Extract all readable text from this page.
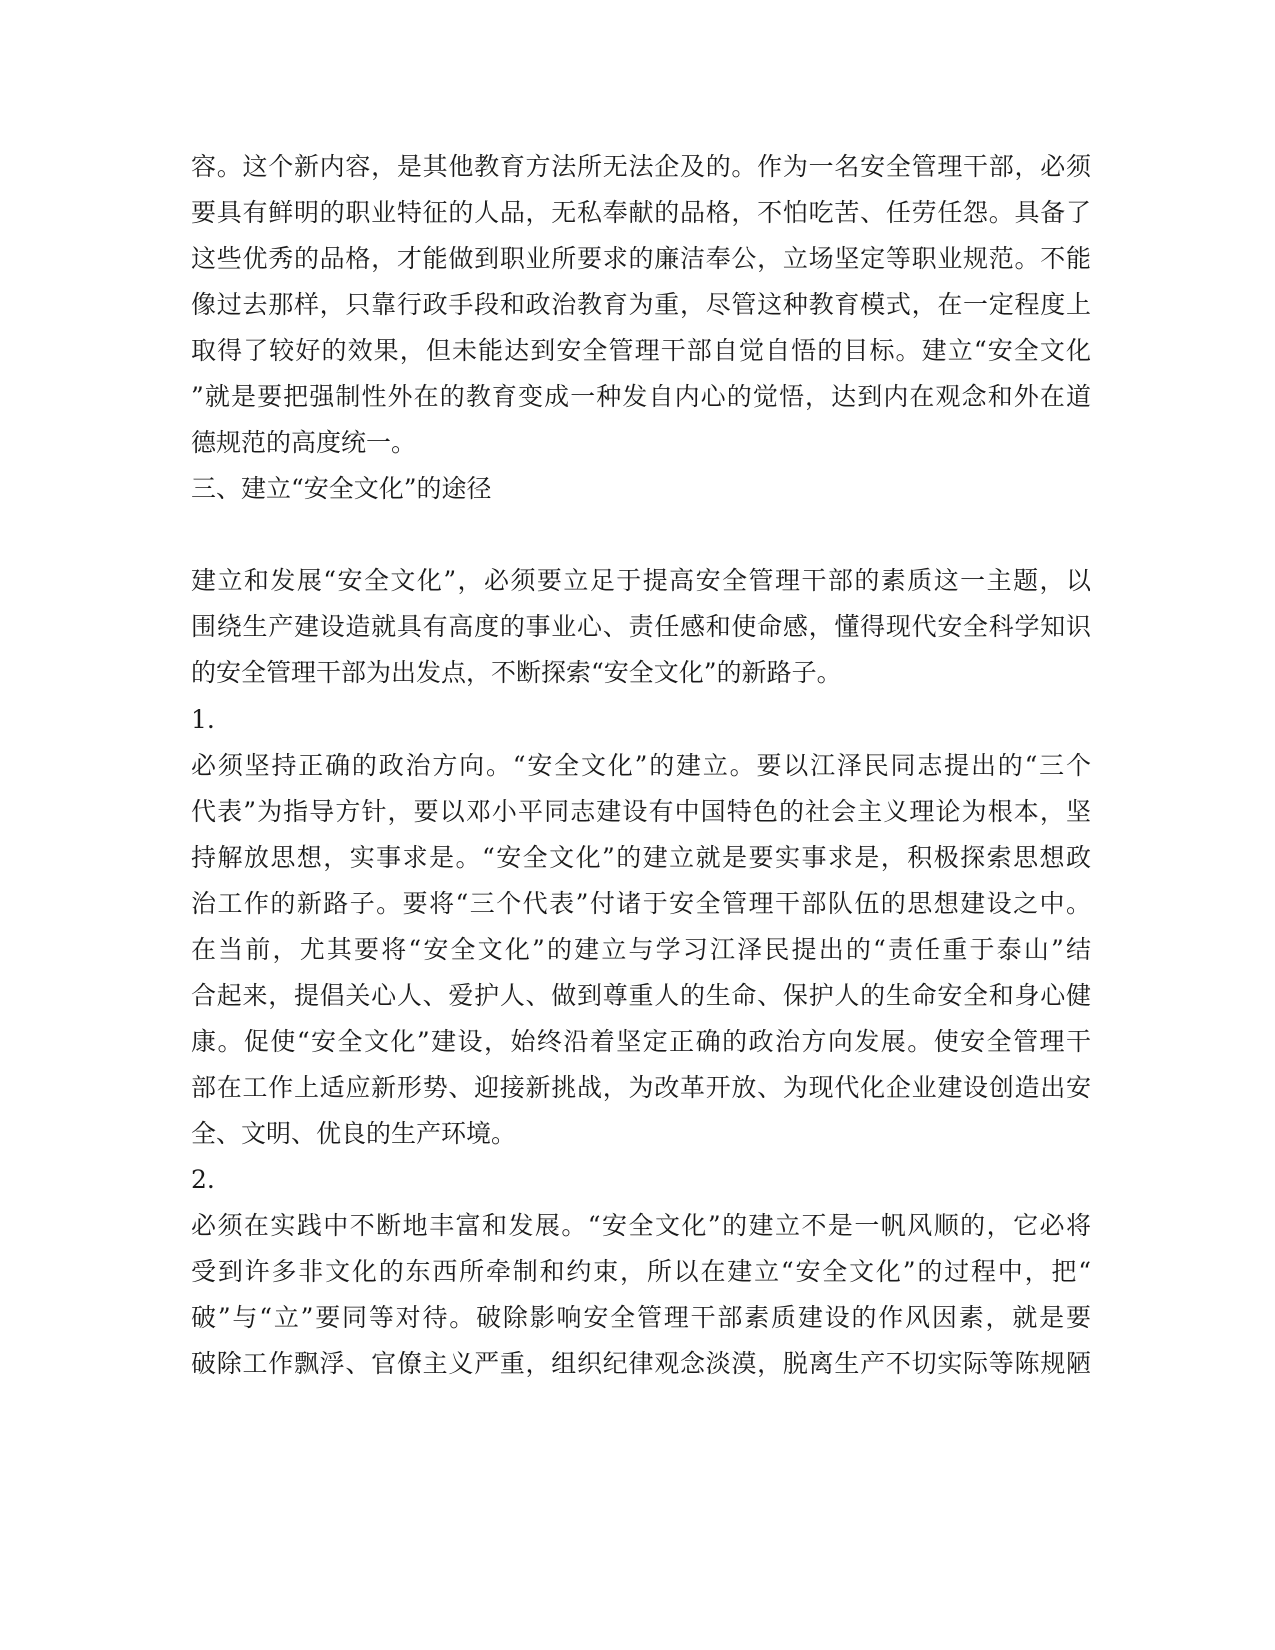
容。这个新内容，是其他教育方法所无法企及的。作为一名安全管理干部，必须
要具有鲜明的职业特征的人品，无私奉献的品格，不怕吃苦、任劳任怨。具备了
这些优秀的品格，才能做到职业所要求的廉洁奉公，立场坚定等职业规范。不能
像过去那样，只靠行政手段和政治教育为重，尽管这种教育模式，在一定程度上
取得了较好的效果，但未能达到安全管理干部自觉自悟的目标。建立“安全文化
”就是要把强制性外在的教育变成一种发自内心的觉悟，达到内在观念和外在道
德规范的高度统一。
三、建立“安全文化”的途径
建立和发展“安全文化”，必须要立足于提高安全管理干部的素质这一主题，以
围绕生产建设造就具有高度的事业心、责任感和使命感，懂得现代安全科学知识
的安全管理干部为出发点，不断探索“安全文化”的新路子。
1.
必须坚持正确的政治方向。“安全文化”的建立。要以江泽民同志提出的“三个
代表”为指导方针，要以邓小平同志建设有中国特色的社会主义理论为根本，坚
持解放思想，实事求是。“安全文化”的建立就是要实事求是，积极探索思想政
治工作的新路子。要将“三个代表”付诸于安全管理干部队伍的思想建设之中。
在当前，尤其要将“安全文化”的建立与学习江泽民提出的“责任重于泰山”结
合起来，提倡关心人、爱护人、做到尊重人的生命、保护人的生命安全和身心健
康。促使“安全文化”建设，始终沿着坚定正确的政治方向发展。使安全管理干
部在工作上适应新形势、迎接新挑战，为改革开放、为现代化企业建设创造出安
全、文明、优良的生产环境。
2.
必须在实践中不断地丰富和发展。“安全文化”的建立不是一帆风顺的，它必将
受到许多非文化的东西所牵制和约束，所以在建立“安全文化”的过程中，把“
破”与“立”要同等对待。破除影响安全管理干部素质建设的作风因素，就是要
破除工作飘浮、官僚主义严重，组织纪律观念淡漠，脱离生产不切实际等陈规陋
